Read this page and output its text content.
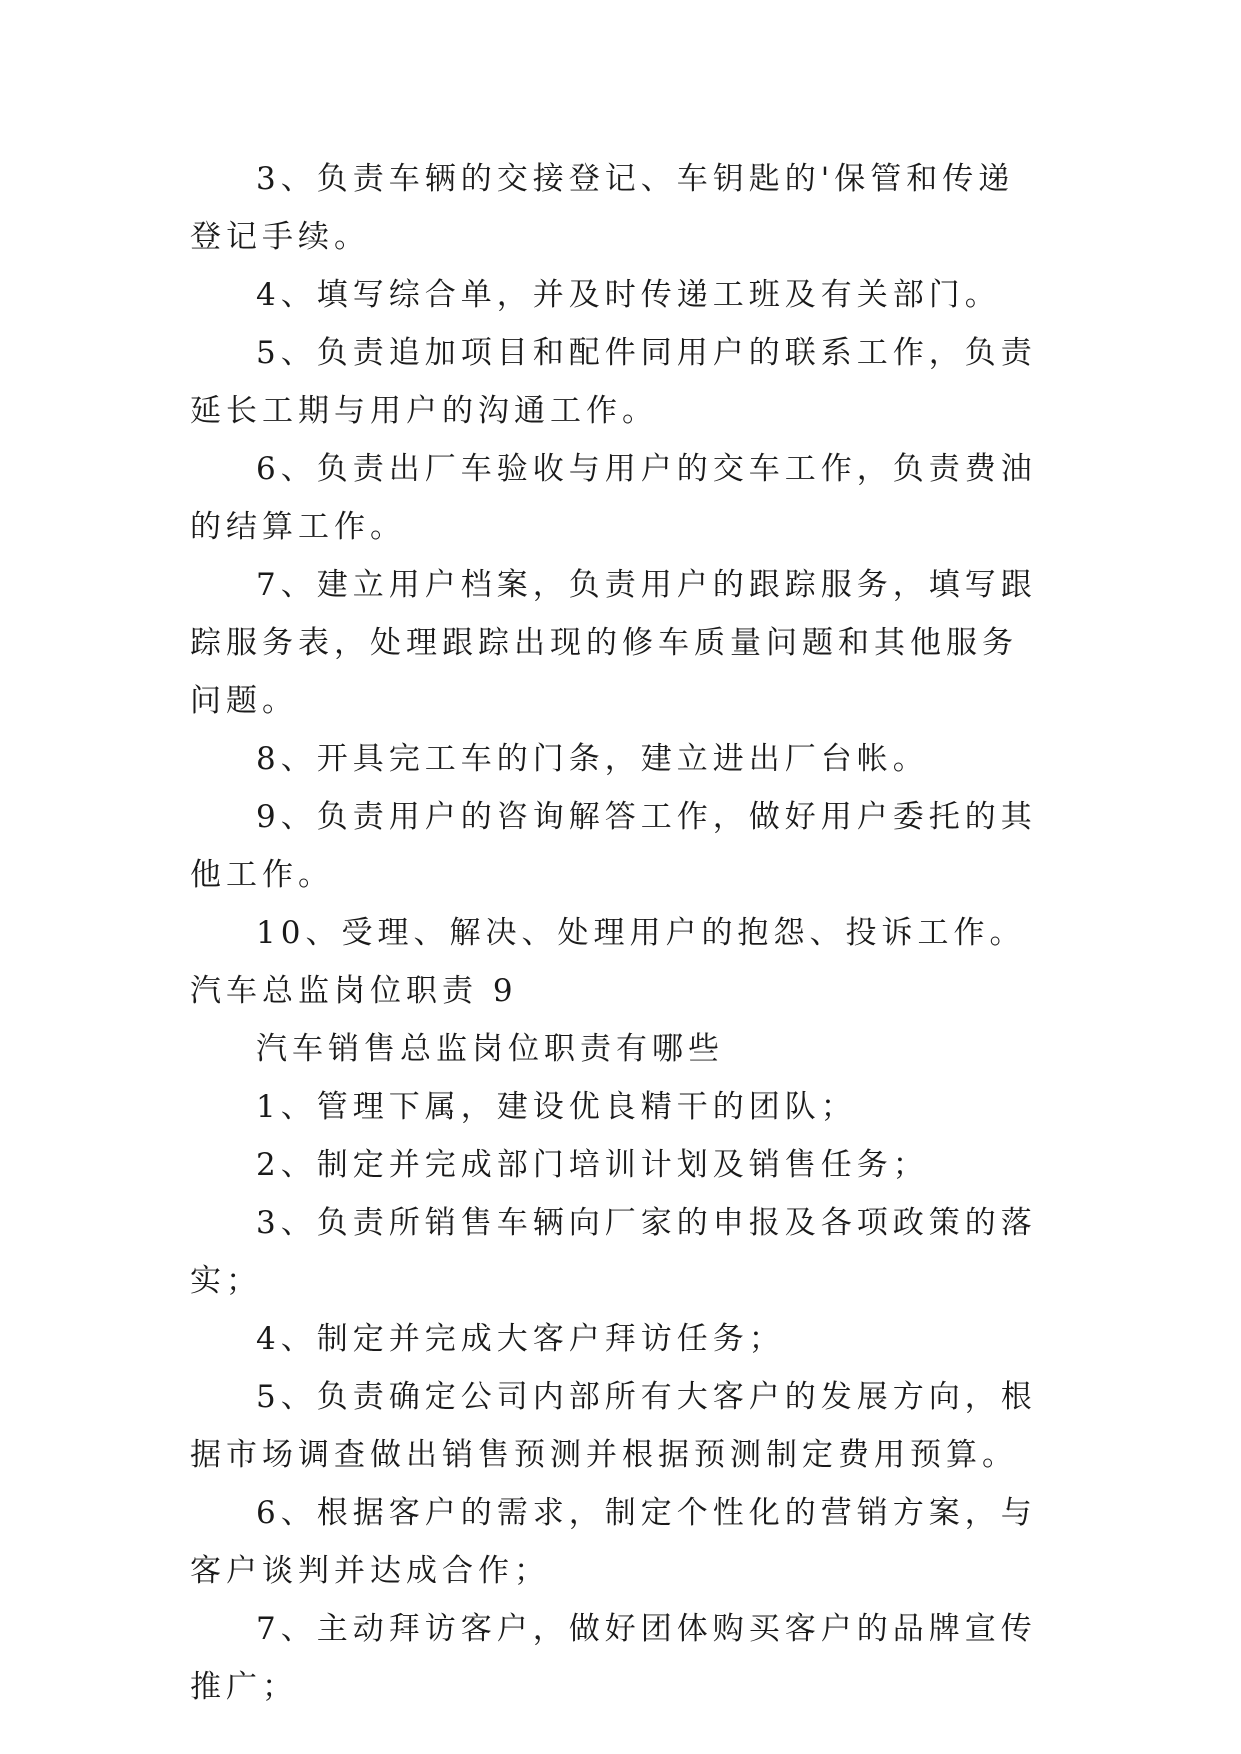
3、负责车辆的交接登记、车钥匙的'保管和传递登记手续。

4、填写综合单，并及时传递工班及有关部门。

5、负责追加项目和配件同用户的联系工作，负责延长工期与用户的沟通工作。

6、负责出厂车验收与用户的交车工作，负责费油的结算工作。

7、建立用户档案，负责用户的跟踪服务，填写跟踪服务表，处理跟踪出现的修车质量问题和其他服务问题。

8、开具完工车的门条，建立进出厂台帐。

9、负责用户的咨询解答工作，做好用户委托的其他工作。

10、受理、解决、处理用户的抱怨、投诉工作。

汽车总监岗位职责 9

汽车销售总监岗位职责有哪些

1、管理下属，建设优良精干的团队；

2、制定并完成部门培训计划及销售任务；

3、负责所销售车辆向厂家的申报及各项政策的落实；

4、制定并完成大客户拜访任务；

5、负责确定公司内部所有大客户的发展方向，根据市场调查做出销售预测并根据预测制定费用预算。

6、根据客户的需求，制定个性化的营销方案，与客户谈判并达成合作；

7、主动拜访客户，做好团体购买客户的品牌宣传推广；
